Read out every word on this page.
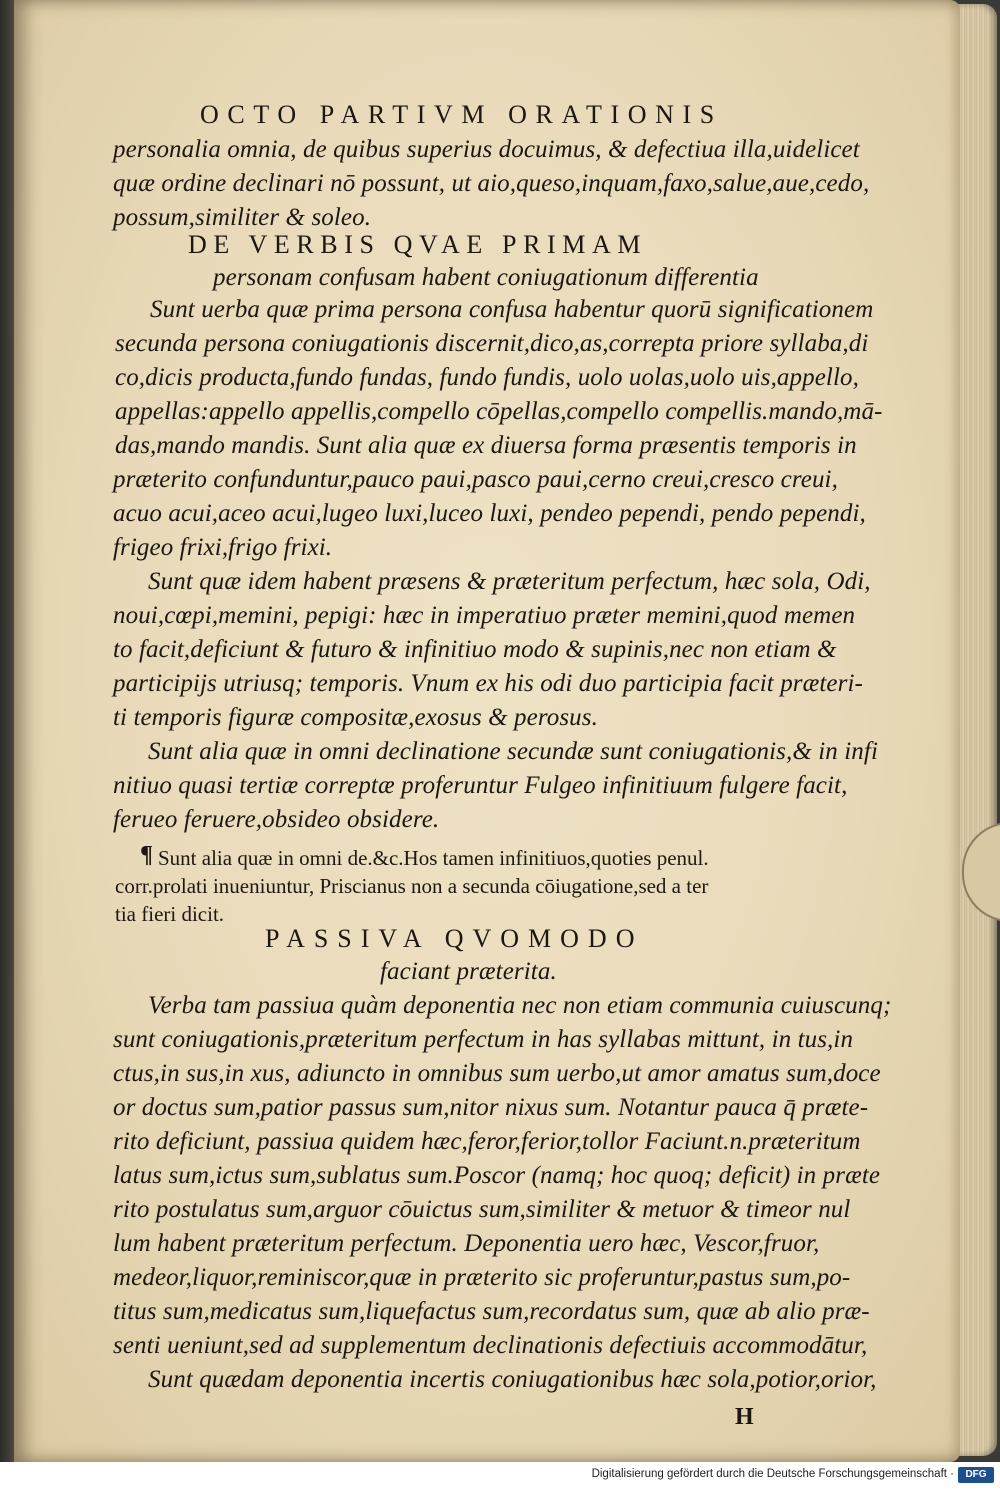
OCTO PARTIVM ORATIONIS
personalia omnia, de quibus superius docuimus, & defectiua illa,uidelicet
quæ ordine declinari nō possunt, ut aio,queso,inquam,faxo,salue,aue,cedo,
possum,similiter & soleo.
DE VERBIS QVAE PRIMAM
personam confusam habent coniugationum differentia
Sunt uerba quæ prima persona confusa habentur quorū significationem
secunda persona coniugationis discernit,dico,as,correpta priore syllaba,di
co,dicis producta,fundo fundas, fundo fundis, uolo uolas,uolo uis,appello,
appellas:appello appellis,compello cōpellas,compello compellis.mando,mā-
das,mando mandis. Sunt alia quæ ex diuersa forma præsentis temporis in
præterito confunduntur,pauco paui,pasco paui,cerno creui,cresco creui,
acuo acui,aceo acui,lugeo luxi,luceo luxi, pendeo pependi, pendo pependi,
frigeo frixi,frigo frixi.
Sunt quæ idem habent præsens & præteritum perfectum, hæc sola, Odi,
noui,cœpi,memini, pepigi: hæc in imperatiuo præter memini,quod memen
to facit,deficiunt & futuro & infinitiuo modo & supinis,nec non etiam &
participijs utriusq; temporis. Vnum ex his odi duo participia facit præteri-
ti temporis figuræ compositæ,exosus & perosus.
Sunt alia quæ in omni declinatione secundæ sunt coniugationis,& in infi
nitiuo quasi tertiæ correptæ proferuntur Fulgeo infinitiuum fulgere facit,
ferueo feruere,obsideo obsidere.
¶ Sunt alia quæ in omni de.&c.Hos tamen infinitiuos,quoties penul.
corr.prolati inueniuntur, Priscianus non a secunda cōiugatione,sed a ter
tia fieri dicit.
PASSIVA QVOMODO
faciant præterita.
Verba tam passiua quàm deponentia nec non etiam communia cuiuscunq;
sunt coniugationis,præteritum perfectum in has syllabas mittunt, in tus,in
ctus,in sus,in xus, adiuncto in omnibus sum uerbo,ut amor amatus sum,doce
or doctus sum,patior passus sum,nitor nixus sum. Notantur pauca q̄ præte-
rito deficiunt, passiua quidem hæc,feror,ferior,tollor Faciunt.n.præteritum
latus sum,ictus sum,sublatus sum.Poscor (namq; hoc quoq; deficit) in præte
rito postulatus sum,arguor cōuictus sum,similiter & metuor & timeor nul
lum habent præteritum perfectum. Deponentia uero hæc, Vescor,fruor,
medeor,liquor,reminiscor,quæ in præterito sic proferuntur,pastus sum,po-
titus sum,medicatus sum,liquefactus sum,recordatus sum, quæ ab alio præ-
senti ueniunt,sed ad supplementum declinationis defectiuis accommodātur,
Sunt quædam deponentia incertis coniugationibus hæc sola,potior,orior,
H
Digitalisierung gefördert durch die Deutsche Forschungsgemeinschaft ·	DFG
